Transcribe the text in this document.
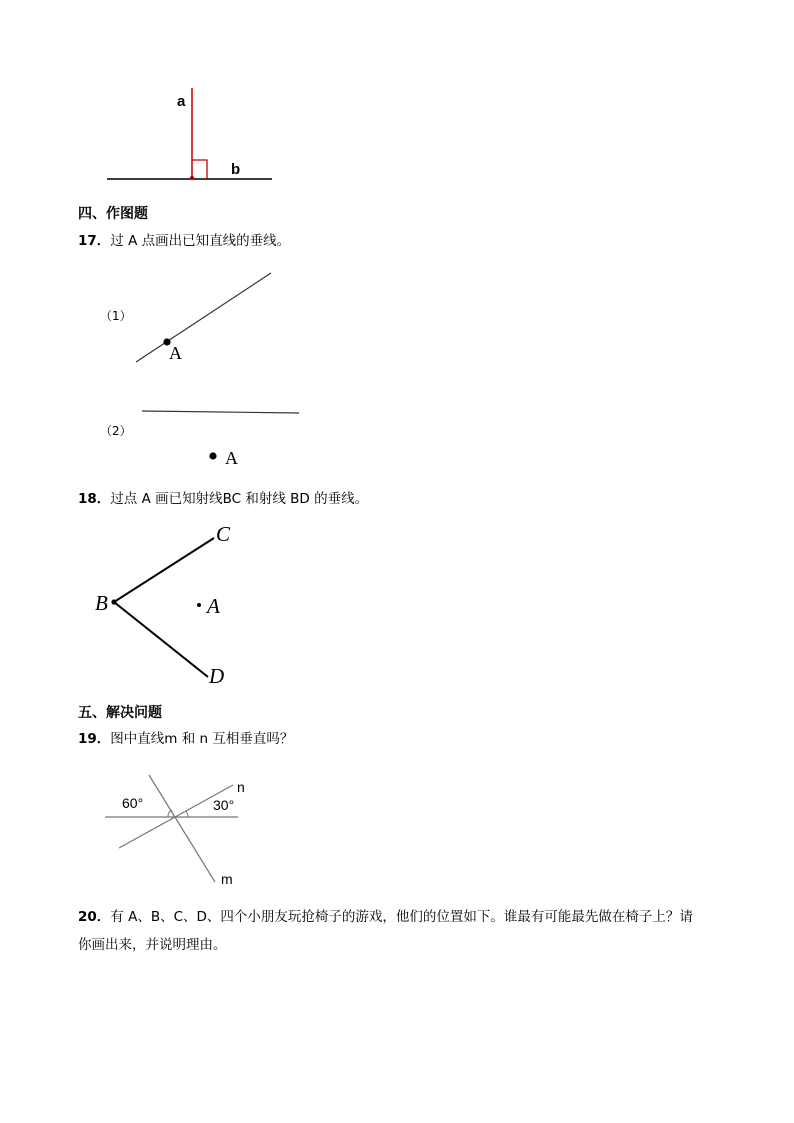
a
b
四、作图题
17．过 A 点画出已知直线的垂线。
（1）
A
（2）
A
18．过点 A 画已知射线BC 和射线 BD 的垂线。
C
B	A
D
五、解决问题
19．图中直线m 和 n 互相垂直吗？
60°	30°
n
m
20．有 A、B、C、D、四个小朋友玩抢椅子的游戏，他们的位置如下。谁最有可能最先做在椅子上？请
你画出来，并说明理由。
